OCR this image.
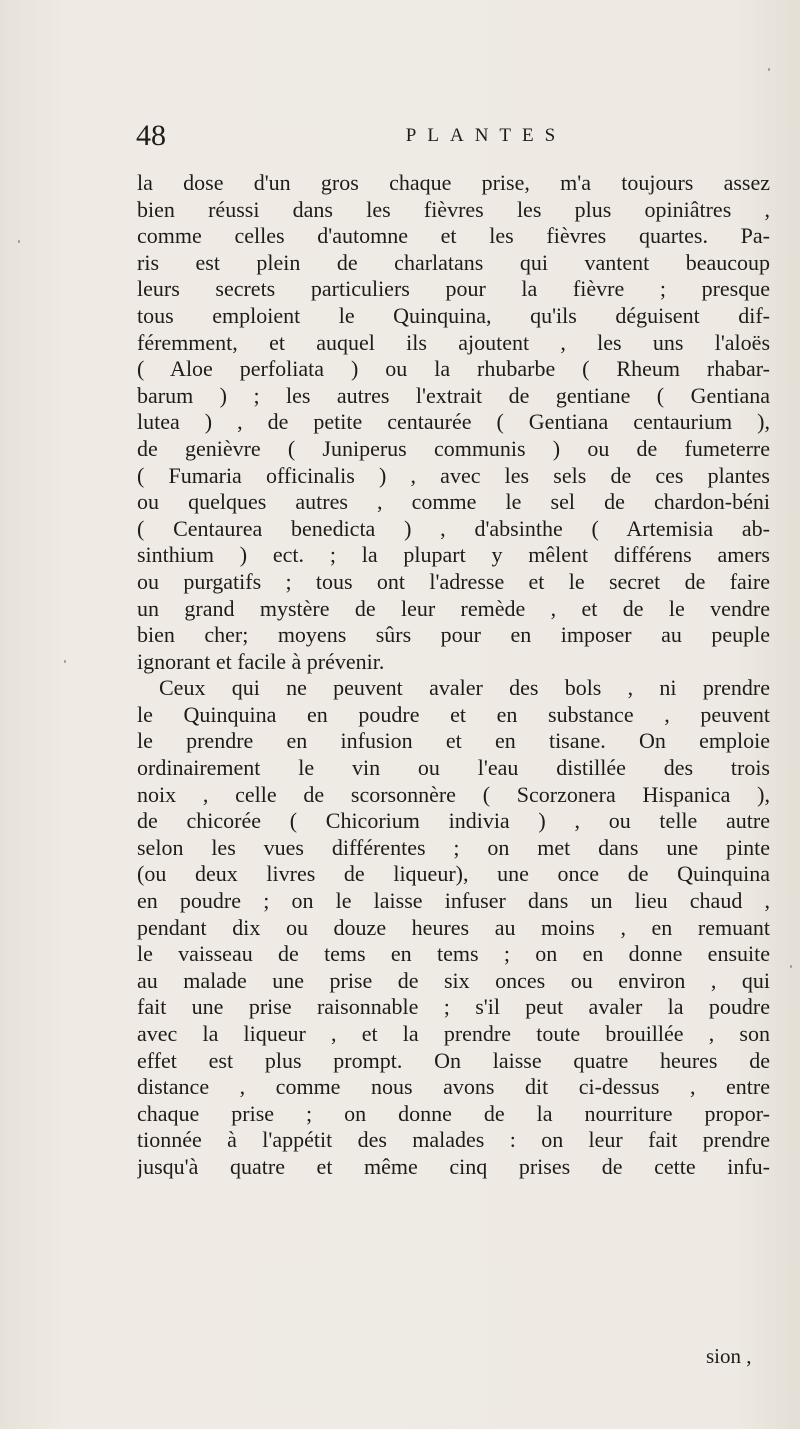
48	PLANTES
la dose d'un gros chaque prise, m'a toujours assez
bien réussi dans les fièvres les plus opiniâtres ,
comme celles d'automne et les fièvres quartes. Pa-
ris est plein de charlatans qui vantent beaucoup
leurs secrets particuliers pour la fièvre ; presque
tous emploient le Quinquina, qu'ils déguisent dif-
féremment, et auquel ils ajoutent , les uns l'aloës
( Aloe perfoliata ) ou la rhubarbe ( Rheum rhabar-
barum ) ; les autres l'extrait de gentiane ( Gentiana
lutea ) , de petite centaurée ( Gentiana centaurium ),
de genièvre ( Juniperus communis ) ou de fumeterre
( Fumaria officinalis ) , avec les sels de ces plantes
ou quelques autres , comme le sel de chardon-béni
( Centaurea benedicta ) , d'absinthe ( Artemisia ab-
sinthium ) ect. ; la plupart y mêlent différens amers
ou purgatifs ; tous ont l'adresse et le secret de faire
un grand mystère de leur remède , et de le vendre
bien cher; moyens sûrs pour en imposer au peuple
ignorant et facile à prévenir.
Ceux qui ne peuvent avaler des bols , ni prendre
le Quinquina en poudre et en substance , peuvent
le prendre en infusion et en tisane. On emploie
ordinairement le vin ou l'eau distillée des trois
noix , celle de scorsonnère ( Scorzonera Hispanica ),
de chicorée ( Chicorium indivia ) , ou telle autre
selon les vues différentes ; on met dans une pinte
(ou deux livres de liqueur), une once de Quinquina
en poudre ; on le laisse infuser dans un lieu chaud ,
pendant dix ou douze heures au moins , en remuant
le vaisseau de tems en tems ; on en donne ensuite
au malade une prise de six onces ou environ , qui
fait une prise raisonnable ; s'il peut avaler la poudre
avec la liqueur , et la prendre toute brouillée , son
effet est plus prompt. On laisse quatre heures de
distance , comme nous avons dit ci-dessus , entre
chaque prise ; on donne de la nourriture propor-
tionnée à l'appétit des malades : on leur fait prendre
jusqu'à quatre et même cinq prises de cette infu-
sion ,
